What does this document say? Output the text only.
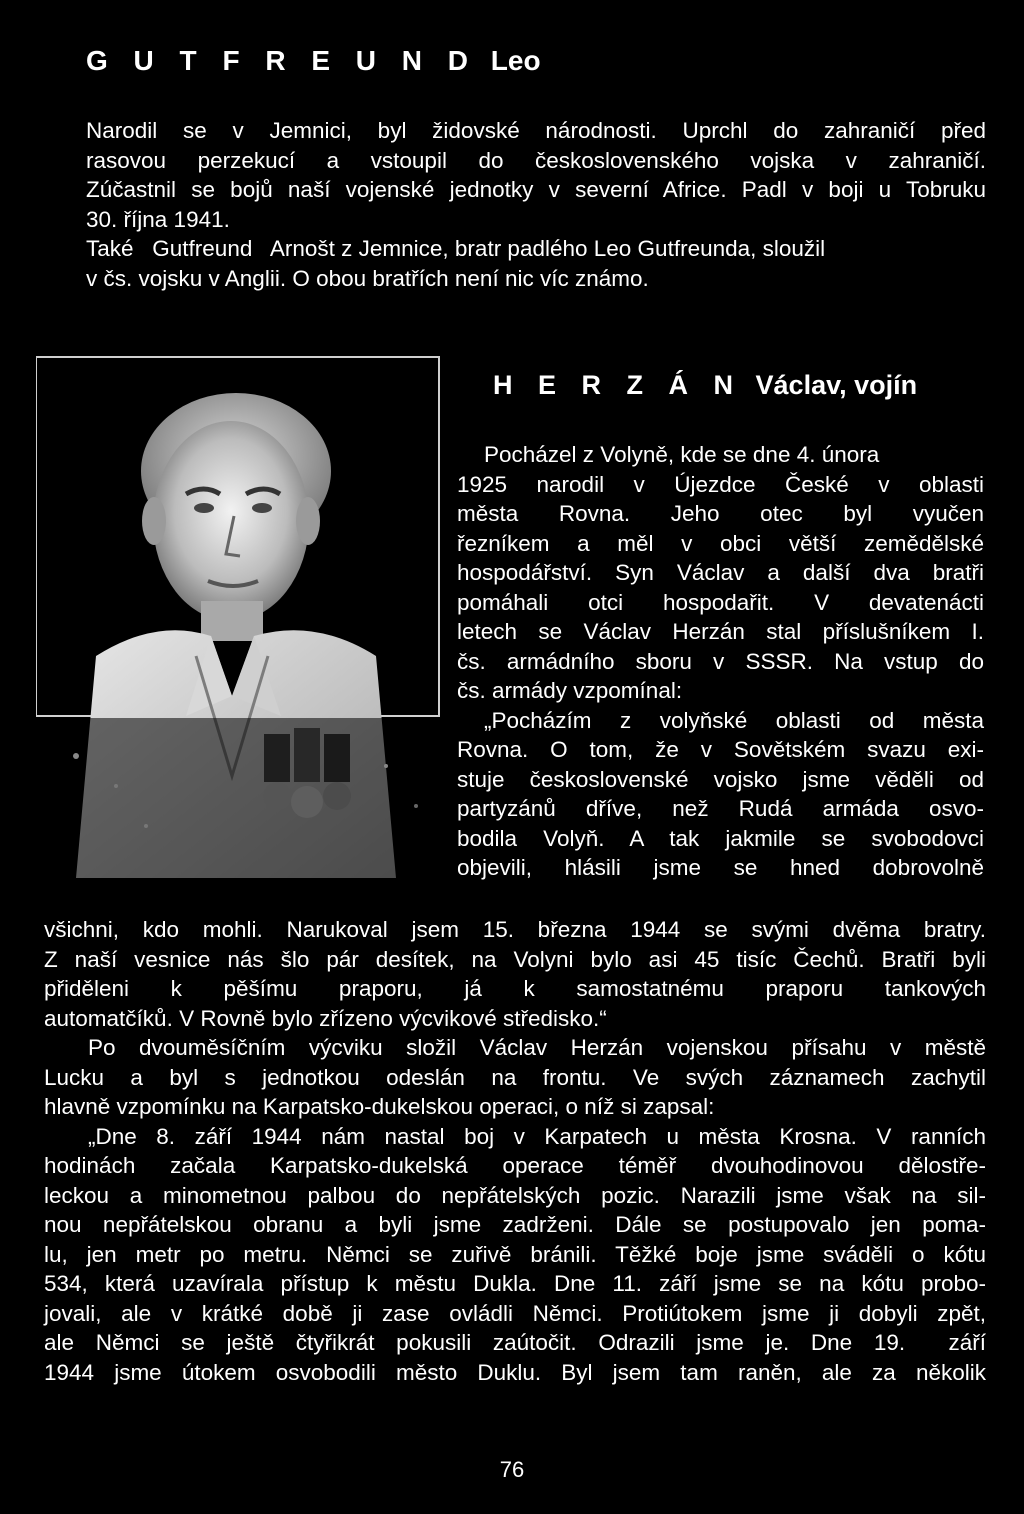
G U T F R E U N D Leo
Narodil se v Jemnici, byl židovské národnosti. Uprchl do zahraničí před
rasovou perzekucí a vstoupil do československého vojska v zahraničí.
Zúčastnil se bojů naší vojenské jednotky v severní Africe. Padl v boji u Tobruku
30. října 1941.
Také   Gutfreund   Arnošt z Jemnice, bratr padlého Leo Gutfreunda, sloužil
v čs. vojsku v Anglii. O obou bratřích není nic víc známo.
H E R Z Á N Václav, vojín
Pocházel z Volyně, kde se dne 4. února
1925 narodil v Újezdce České v oblasti
města Rovna. Jeho otec byl vyučen
řezníkem a měl v obci větší zemědělské
hospodářství. Syn Václav a další dva bratři
pomáhali otci hospodařit. V devatenácti
letech se Václav Herzán stal příslušníkem I.
čs. armádního sboru v SSSR. Na vstup do
čs. armády vzpomínal:
„Pocházím z volyňské oblasti od města
Rovna. O tom, že v Sovětském svazu exi-
stuje československé vojsko jsme věděli od
partyzánů dříve, než Rudá armáda osvo-
bodila Volyň. A tak jakmile se svobodovci
objevili, hlásili jsme se hned dobrovolně
všichni, kdo mohli. Narukoval jsem 15. března 1944 se svými dvěma bratry.
Z naší vesnice nás šlo pár desítek, na Volyni bylo asi 45 tisíc Čechů. Bratři byli
přiděleni k pěšímu praporu, já k samostatnému praporu tankových
automatčíků. V Rovně bylo zřízeno výcvikové středisko.“
Po dvouměsíčním výcviku složil Václav Herzán vojenskou přísahu v městě
Lucku a byl s jednotkou odeslán na frontu. Ve svých záznamech zachytil
hlavně vzpomínku na Karpatsko-dukelskou operaci, o níž si zapsal:
„Dne 8. září 1944 nám nastal boj v Karpatech u města Krosna. V ranních
hodinách začala Karpatsko-dukelská operace téměř dvouhodinovou dělostře-
leckou a minometnou palbou do nepřátelských pozic. Narazili jsme však na sil-
nou nepřátelskou obranu a byli jsme zadrženi. Dále se postupovalo jen poma-
lu, jen metr po metru. Němci se zuřivě bránili. Těžké boje jsme sváděli o kótu
534, která uzavírala přístup k městu Dukla. Dne 11. září jsme se na kótu probo-
jovali, ale v krátké době ji zase ovládli Němci. Protiútokem jsme ji dobyli zpět,
ale Němci se ještě čtyřikrát pokusili zaútočit. Odrazili jsme je. Dne 19.  září
1944 jsme útokem osvobodili město Duklu. Byl jsem tam raněn, ale za několik

76
